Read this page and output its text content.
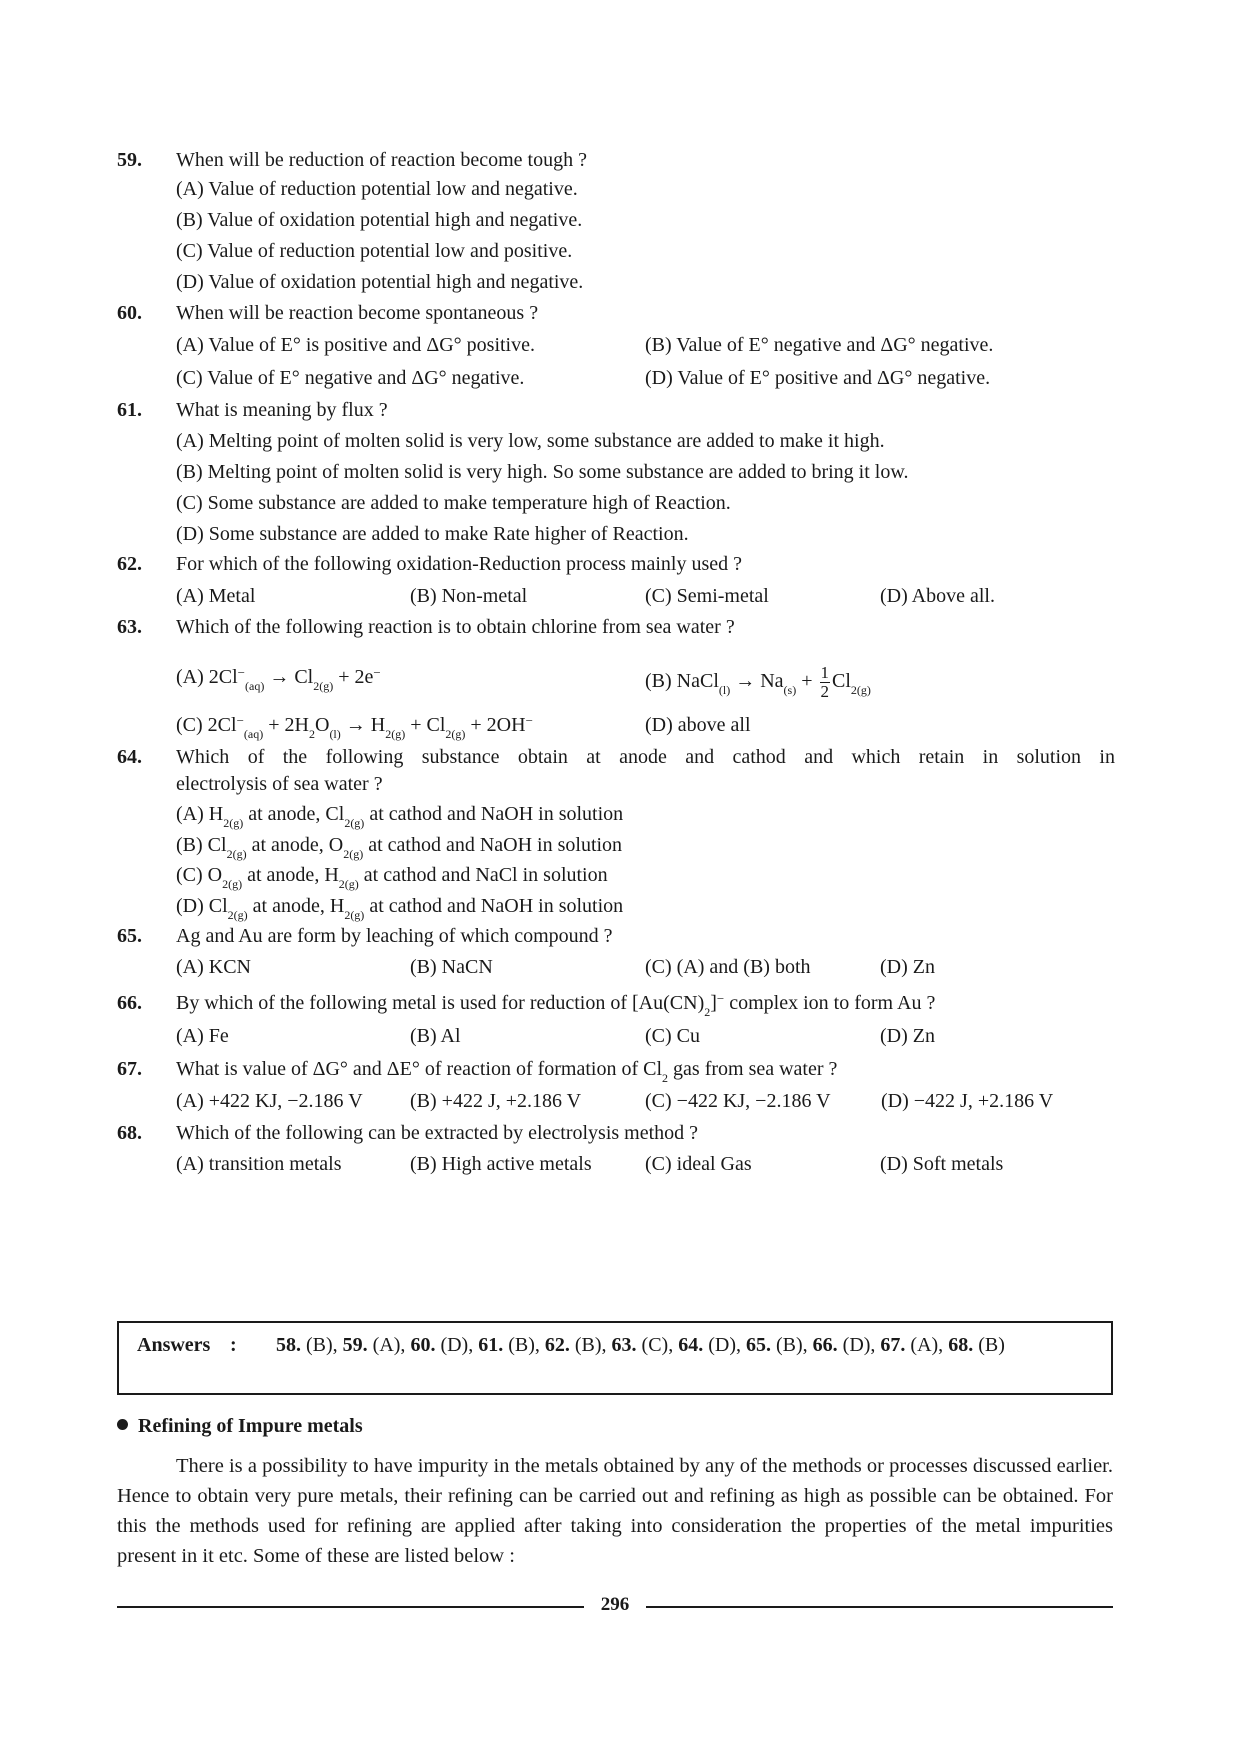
59. When will be reduction of reaction become tough ?
(A) Value of reduction potential low and negative.
(B) Value of oxidation potential high and negative.
(C) Value of reduction potential low and positive.
(D) Value of oxidation potential high and negative.
60. When will be reaction become spontaneous ?
(A) Value of E° is positive and ΔG° positive.	(B) Value of E° negative and ΔG° negative.
(C) Value of E° negative and ΔG° negative.	(D) Value of E° positive and ΔG° negative.
61. What is meaning by flux ?
(A) Melting point of molten solid is very low, some substance are added to make it high.
(B) Melting point of molten solid is very high. So some substance are added to bring it low.
(C) Some substance are added to make temperature high of Reaction.
(D) Some substance are added to make Rate higher of Reaction.
62. For which of the following oxidation-Reduction process mainly used ?
(A) Metal	(B) Non-metal	(C) Semi-metal	(D) Above all.
63. Which of the following reaction is to obtain chlorine from sea water ?
(A) $2Cl^-_{(aq)} \to Cl_{2(g)} + 2e^-$	(B) NaCl$_{(l)}$ → $Na_{(s)} + \frac{1}{2} Cl_{2(g)}$
(C) $2Cl^-_{(aq)} + 2H_2O_{(l)} \to H_{2(g)} + Cl_{2(g)} + 2OH^-$	(D) above all
64. Which of the following substance obtain at anode and cathod and which retain in solution in
electrolysis of sea water ?
(A) $H_{2(g)}$ at anode, $Cl_{2(g)}$ at cathod and NaOH in solution
(B) $Cl_{2(g)}$ at anode, $O_{2(g)}$ at cathod and NaOH in solution
(C) $O_{2(g)}$ at anode, $H_{2(g)}$ at cathod and NaCl in solution
(D) $Cl_{2(g)}$ at anode, $H_{2(g)}$ at cathod and NaOH in solution
65. Ag and Au are form by leaching of which compound ?
(A) KCN	(B) NaCN	(C) (A) and (B) both	(D) Zn
66. By which of the following metal is used for reduction of $[Au(CN)_2]^-$ complex ion to form Au ?
(A) Fe	(B) Al	(C) Cu	(D) Zn
67. What is value of ΔG° and ΔE° of reaction of formation of $Cl_2$ gas from sea water ?
(A) +422 KJ, −2.186 V (B) +422 J, +2.186 V	(C) −422 KJ, −2.186 V	(D) −422 J, +2.186 V
68. Which of the following can be extracted by electrolysis method ?
(A) transition metals	(B) High active metals	(C) ideal Gas	(D) Soft metals
Answers : 58. (B), 59. (A), 60. (D), 61. (B), 62. (B), 63. (C), 64. (D), 65. (B), 66. (D), 67. (A), 68. (B)
Refining of Impure metals

There is a possibility to have impurity in the metals obtained by any of the methods or processes discussed earlier. Hence to obtain very pure metals, their refining can be carried out and refining as high as possible can be obtained. For this the methods used for refining are applied after taking into consideration the properties of the metal impurities present in it etc. Some of these are listed below :

296
